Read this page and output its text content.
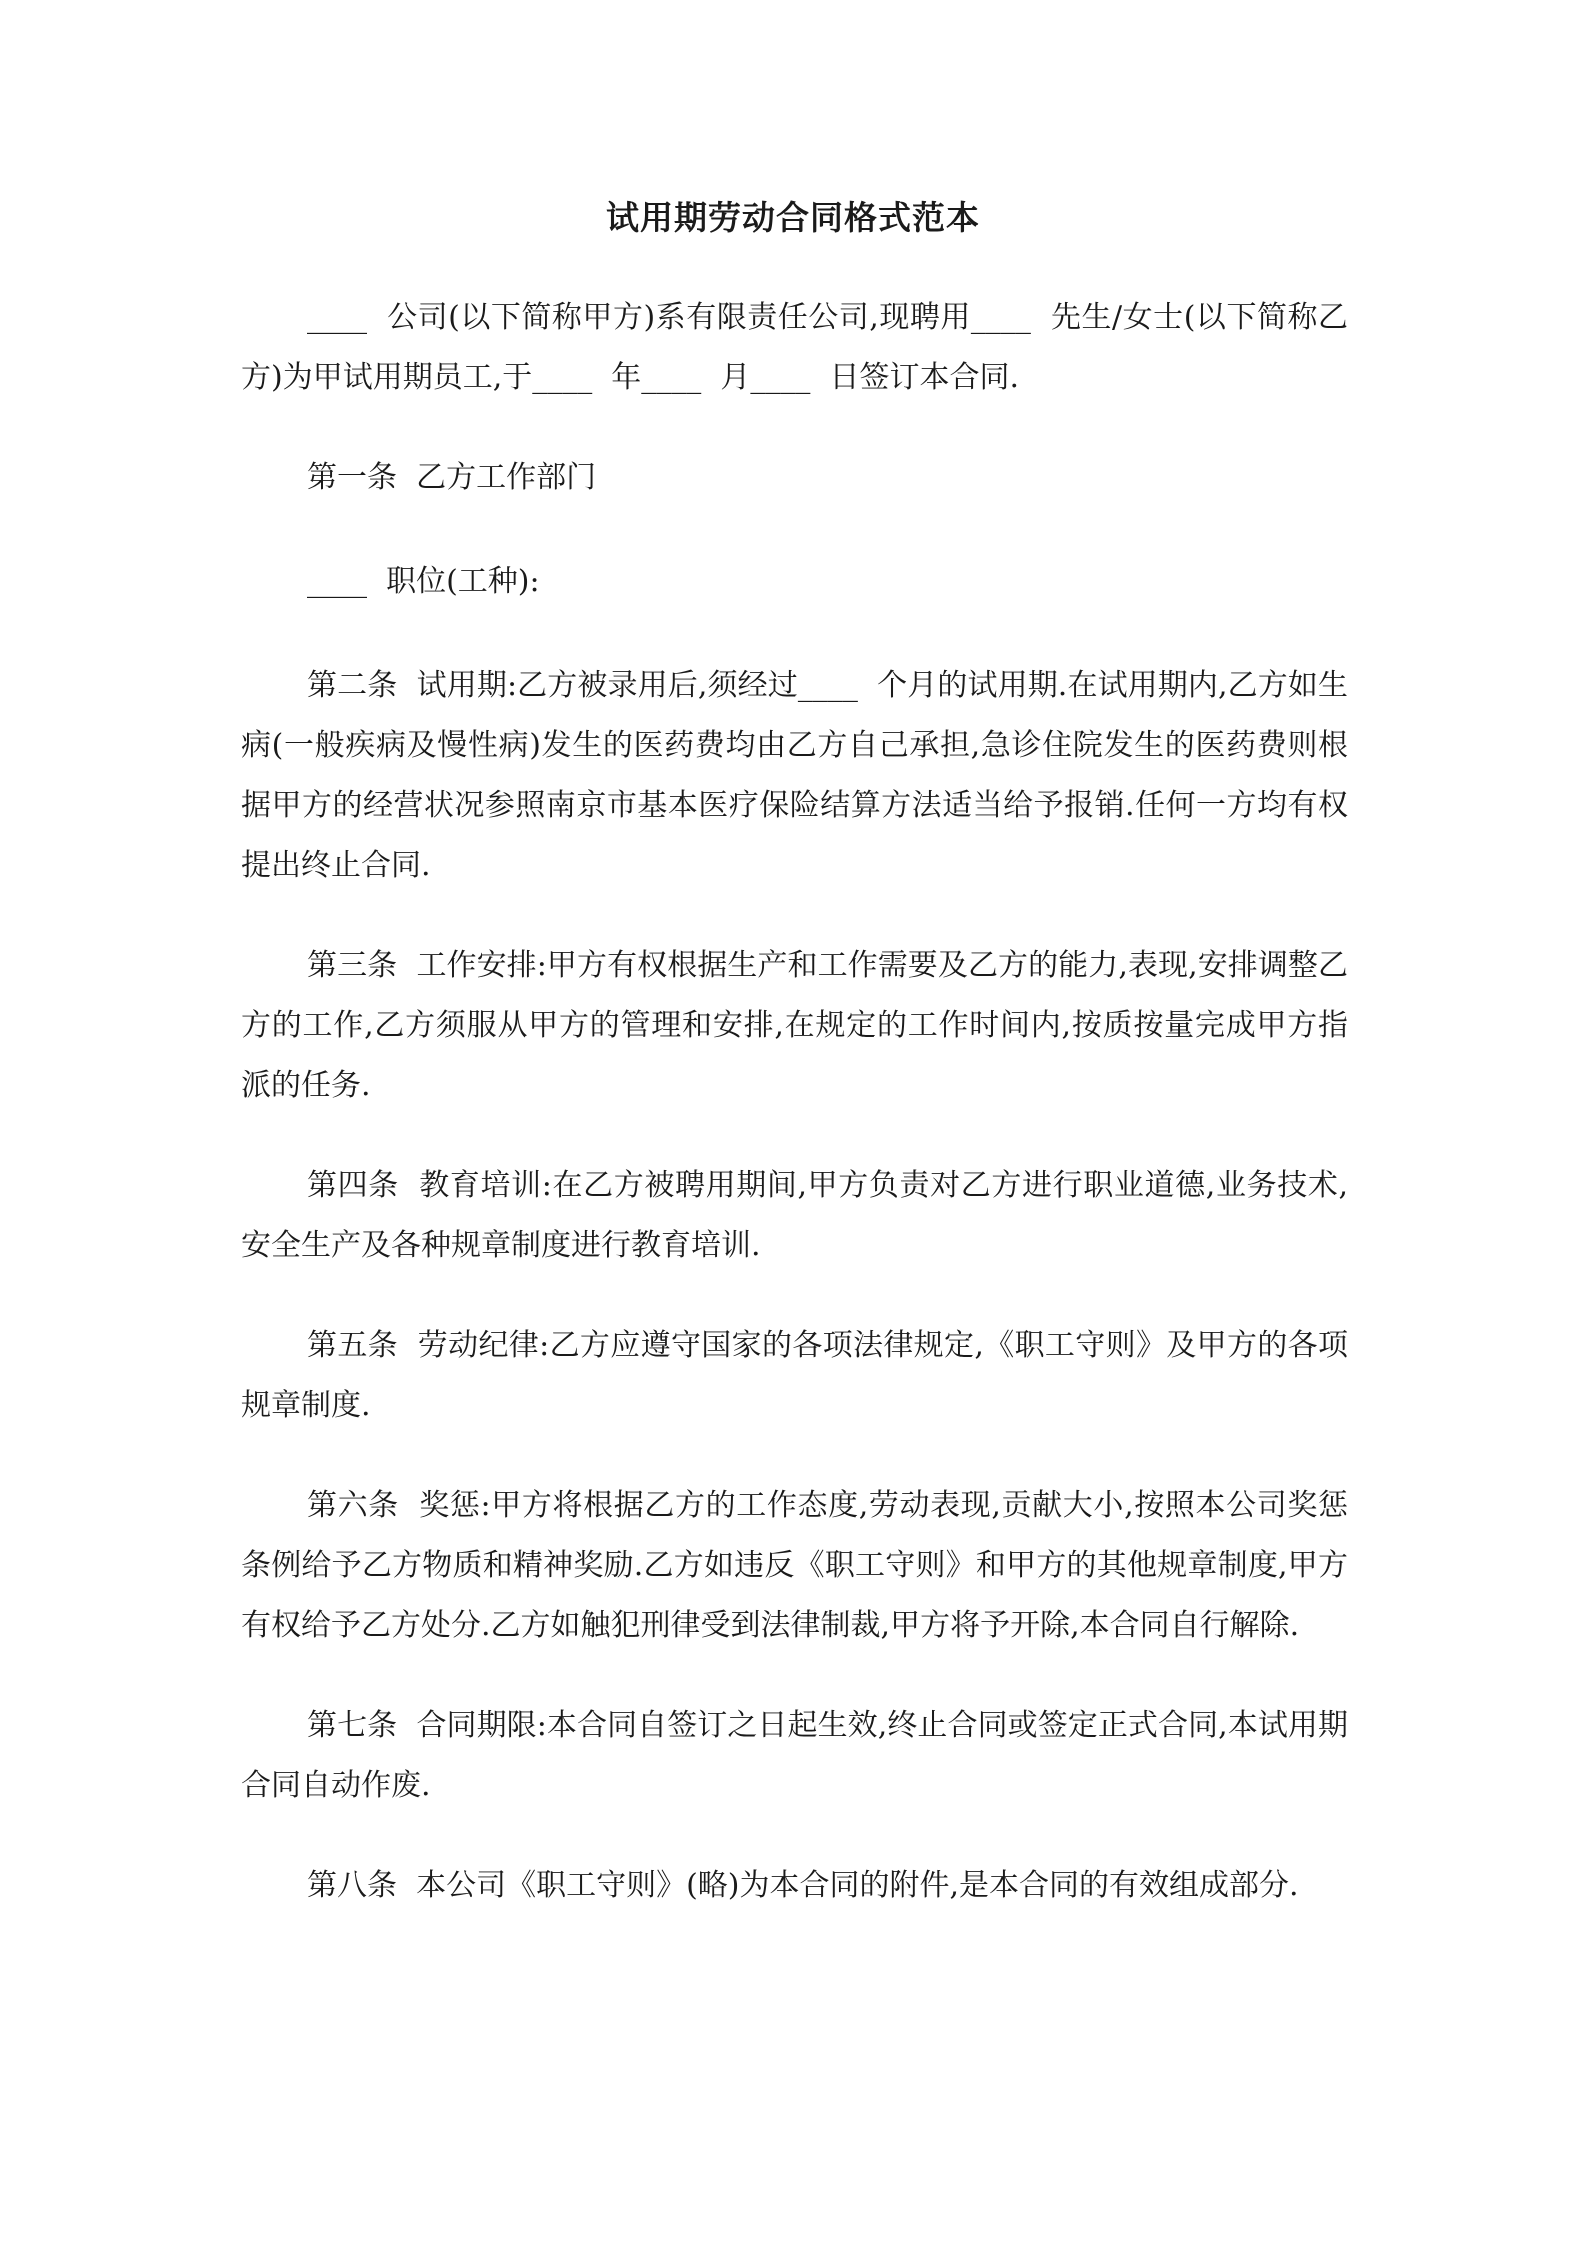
试用期劳动合同格式范本

____  公司(以下简称甲方)系有限责任公司,现聘用____  先生/女士(以下简称乙方)为甲试用期员工,于____  年____  月____  日签订本合同.

第一条  乙方工作部门

____  职位(工种):

第二条  试用期:乙方被录用后,须经过____  个月的试用期.在试用期内,乙方如生病(一般疾病及慢性病)发生的医药费均由乙方自己承担,急诊住院发生的医药费则根据甲方的经营状况参照南京市基本医疗保险结算方法适当给予报销.任何一方均有权提出终止合同.

第三条  工作安排:甲方有权根据生产和工作需要及乙方的能力,表现,安排调整乙方的工作,乙方须服从甲方的管理和安排,在规定的工作时间内,按质按量完成甲方指派的任务.

第四条  教育培训:在乙方被聘用期间,甲方负责对乙方进行职业道德,业务技术,安全生产及各种规章制度进行教育培训.

第五条  劳动纪律:乙方应遵守国家的各项法律规定,《职工守则》及甲方的各项规章制度.

第六条  奖惩:甲方将根据乙方的工作态度,劳动表现,贡献大小,按照本公司奖惩条例给予乙方物质和精神奖励.乙方如违反《职工守则》和甲方的其他规章制度,甲方有权给予乙方处分.乙方如触犯刑律受到法律制裁,甲方将予开除,本合同自行解除.

第七条  合同期限:本合同自签订之日起生效,终止合同或签定正式合同,本试用期合同自动作废.

第八条  本公司《职工守则》(略)为本合同的附件,是本合同的有效组成部分.
